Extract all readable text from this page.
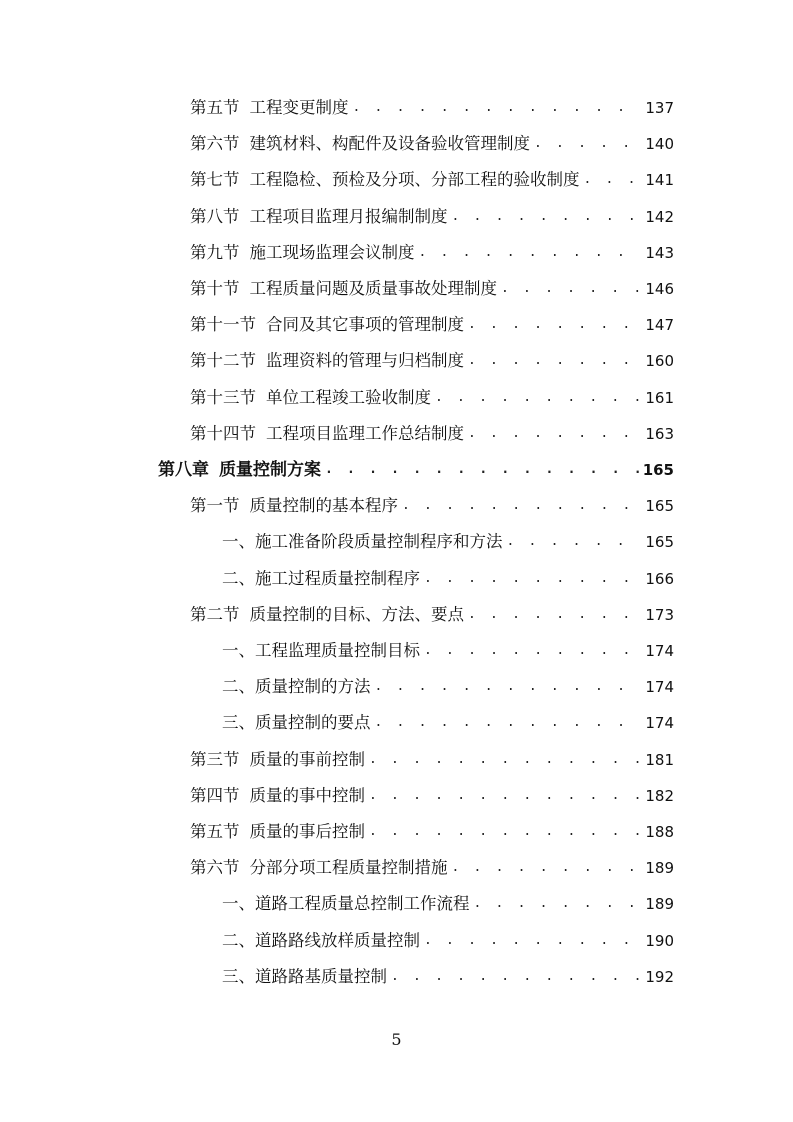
第五节 工程变更制度 . . .	137
第六节 建筑材料、构配件及设备验收管理制度 . . .	140
第七节 工程隐检、预检及分项、分部工程的验收制度 . . .	141
第八节 工程项目监理月报编制制度 . . .	142
第九节 施工现场监理会议制度 . . .	143
第十节 工程质量问题及质量事故处理制度 . . .	146
第十一节 合同及其它事项的管理制度 . . .	147
第十二节 监理资料的管理与归档制度 . . .	160
第十三节 单位工程竣工验收制度 . . .	161
第十四节 工程项目监理工作总结制度 . . .	163
第八章 质量控制方案 . . .	165
第一节 质量控制的基本程序 . . .	165
一、施工准备阶段质量控制程序和方法 . . .	165
二、施工过程质量控制程序 . . .	166
第二节 质量控制的目标、方法、要点 . . .	173
一、工程监理质量控制目标 . . .	174
二、质量控制的方法 . . .	174
三、质量控制的要点 . . .	174
第三节 质量的事前控制 . . .	181
第四节 质量的事中控制 . . .	182
第五节 质量的事后控制 . . .	188
第六节 分部分项工程质量控制措施 . . .	189
一、道路工程质量总控制工作流程 . . .	189
二、道路路线放样质量控制 . . .	190
三、道路路基质量控制 . . .	192
5
